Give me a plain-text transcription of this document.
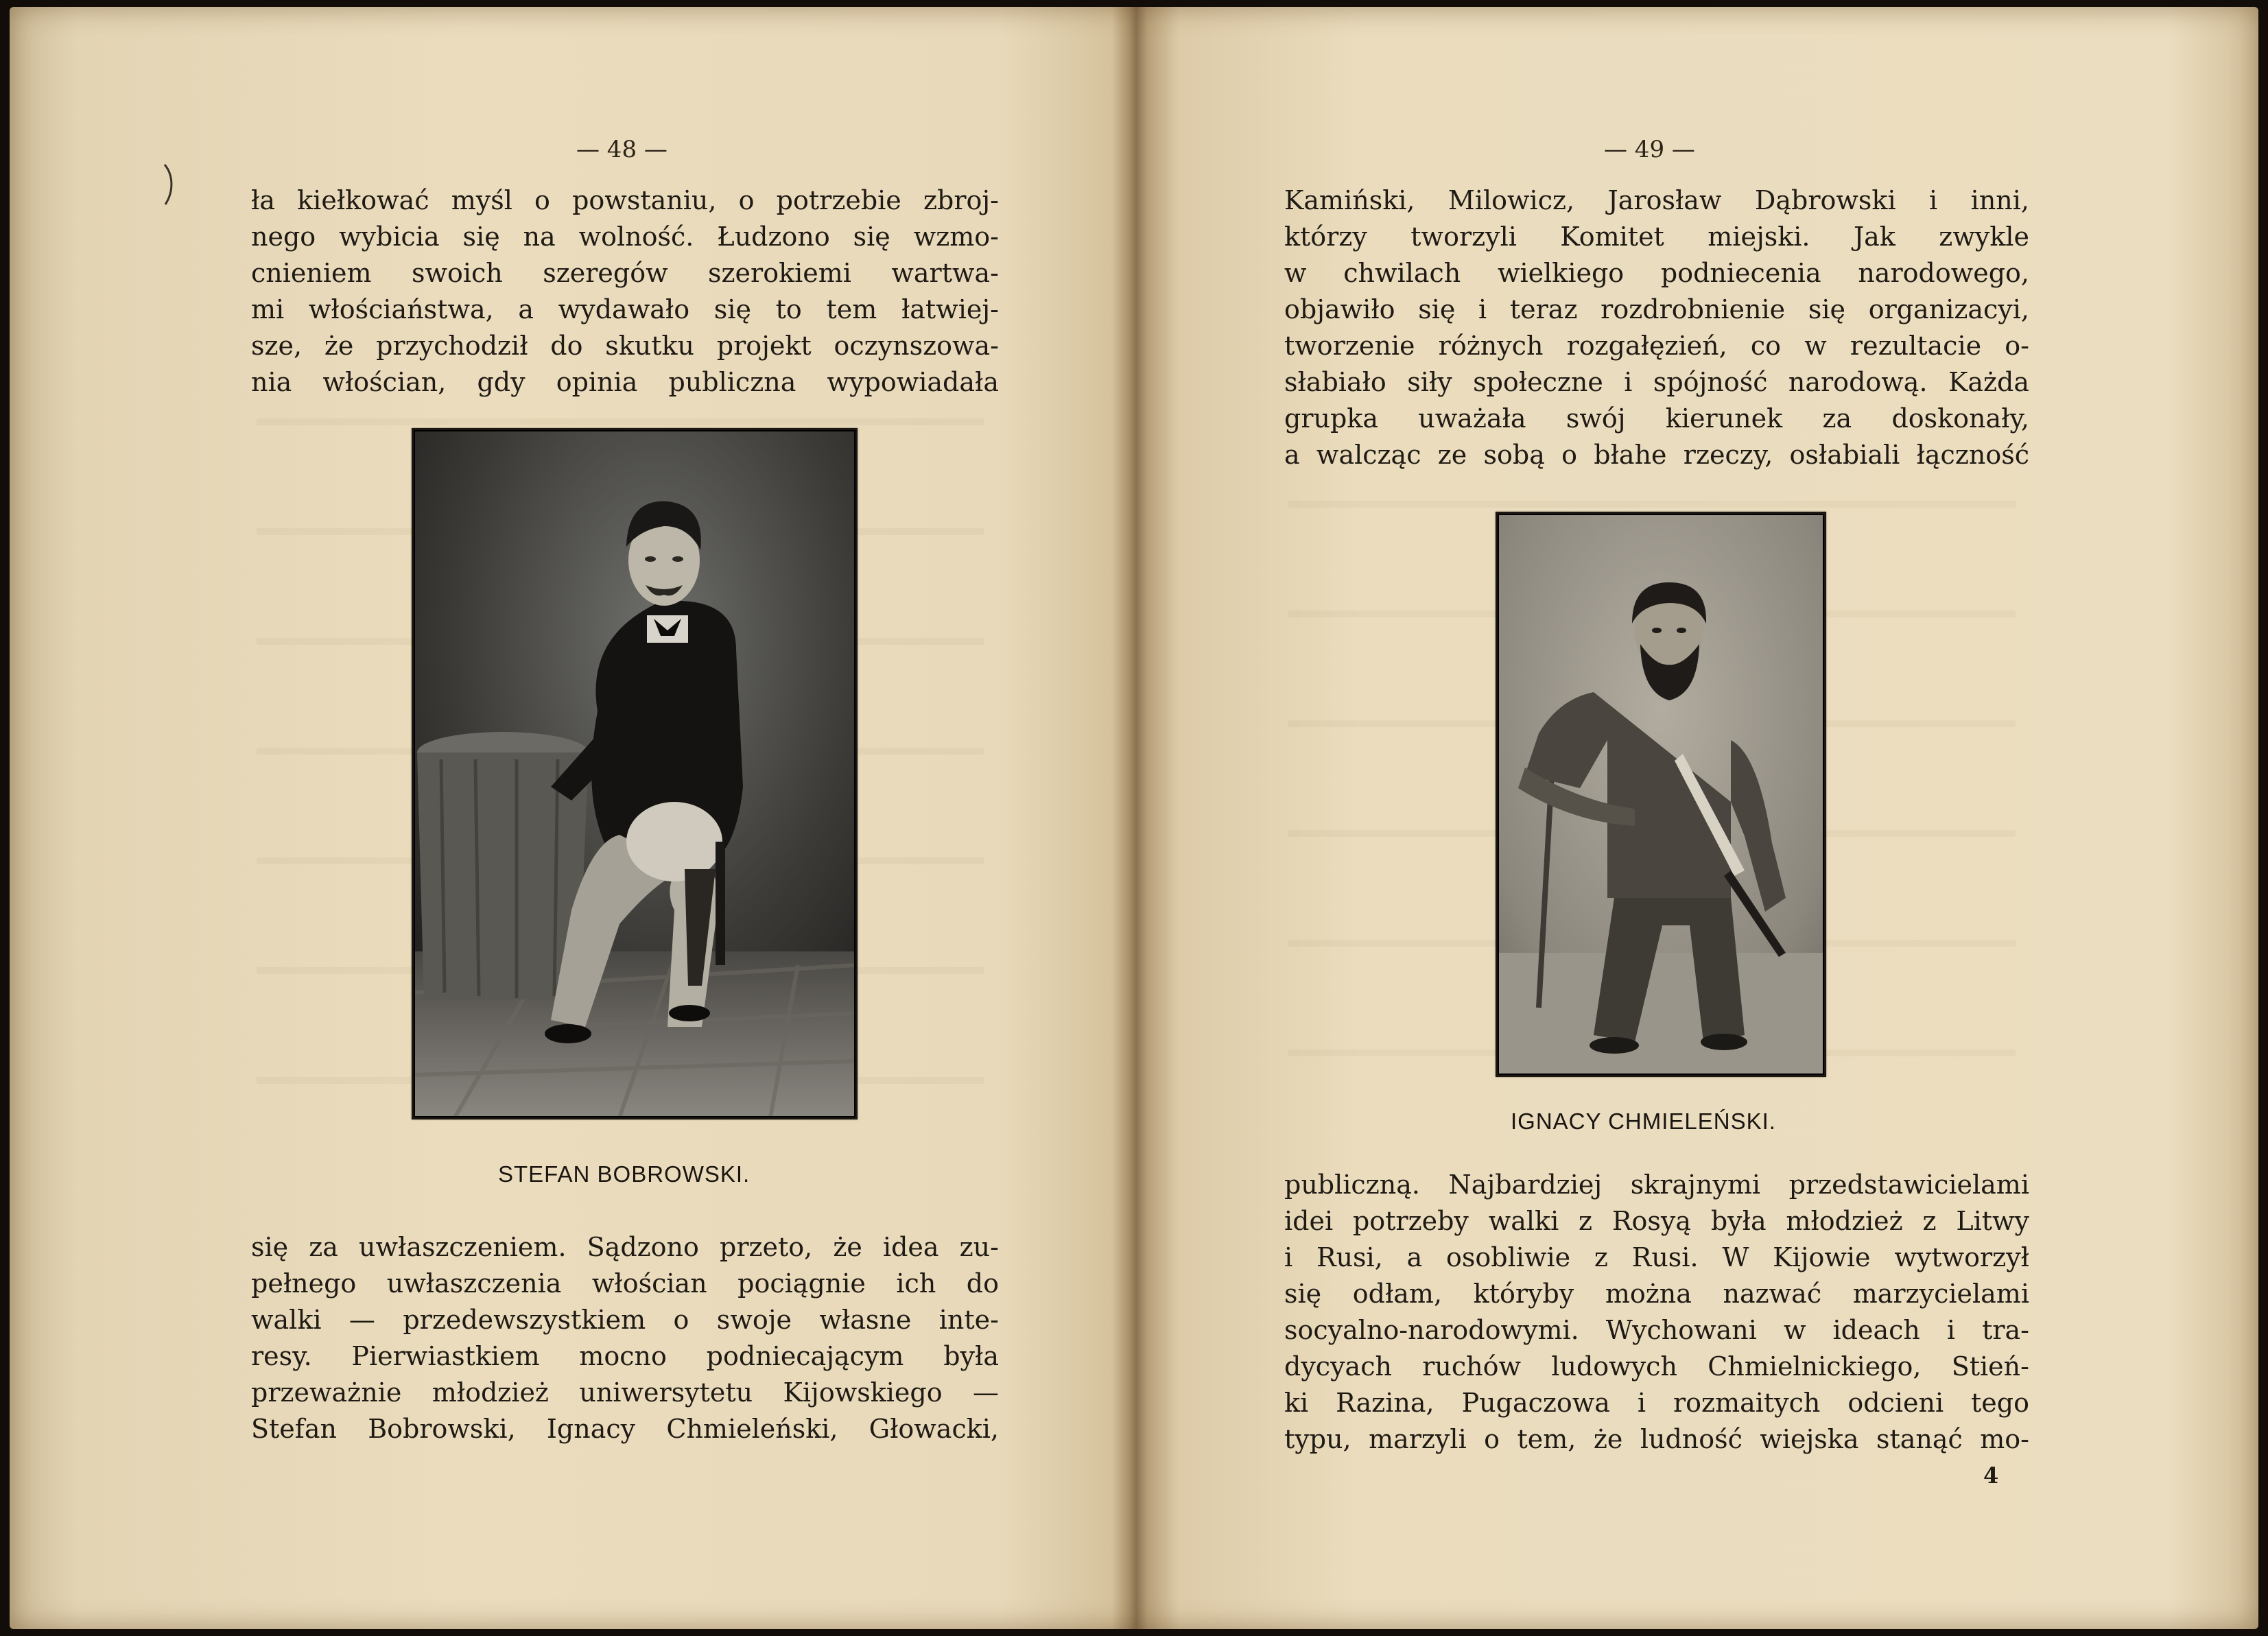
— 48 —
ła kiełkować myśl o powstaniu, o potrzebie zbroj-
nego wybicia się na wolność. Łudzono się wzmo-
cnieniem swoich szeregów szerokiemi wartwa-
mi włościaństwa, a wydawało się to tem łatwiej-
sze, że przychodził do skutku projekt oczynszowa-
nia włościan, gdy opinia publiczna wypowiadała
STEFAN BOBROWSKI.
się za uwłaszczeniem. Sądzono przeto, że idea zu-
pełnego uwłaszczenia włościan pociągnie ich do
walki — przedewszystkiem o swoje własne inte-
resy. Pierwiastkiem mocno podniecającym była
przeważnie młodzież uniwersytetu Kijowskiego —
Stefan Bobrowski, Ignacy Chmieleński, Głowacki,
— 49 —
Kamiński, Milowicz, Jarosław Dąbrowski i inni,
którzy tworzyli Komitet miejski. Jak zwykle
w chwilach wielkiego podniecenia narodowego,
objawiło się i teraz rozdrobnienie się organizacyi,
tworzenie różnych rozgałęzień, co w rezultacie o-
słabiało siły społeczne i spójność narodową. Każda
grupka uważała swój kierunek za doskonały,
a walcząc ze sobą o błahe rzeczy, osłabiali łączność
IGNACY CHMIELEŃSKI.
publiczną. Najbardziej skrajnymi przedstawicielami
idei potrzeby walki z Rosyą była młodzież z Litwy
i Rusi, a osobliwie z Rusi. W Kijowie wytworzył
się odłam, któryby można nazwać marzycielami
socyalno-narodowymi. Wychowani w ideach i tra-
dycyach ruchów ludowych Chmielnickiego, Stień-
ki Razina, Pugaczowa i rozmaitych odcieni tego
typu, marzyli o tem, że ludność wiejska stanąć mo-
4
